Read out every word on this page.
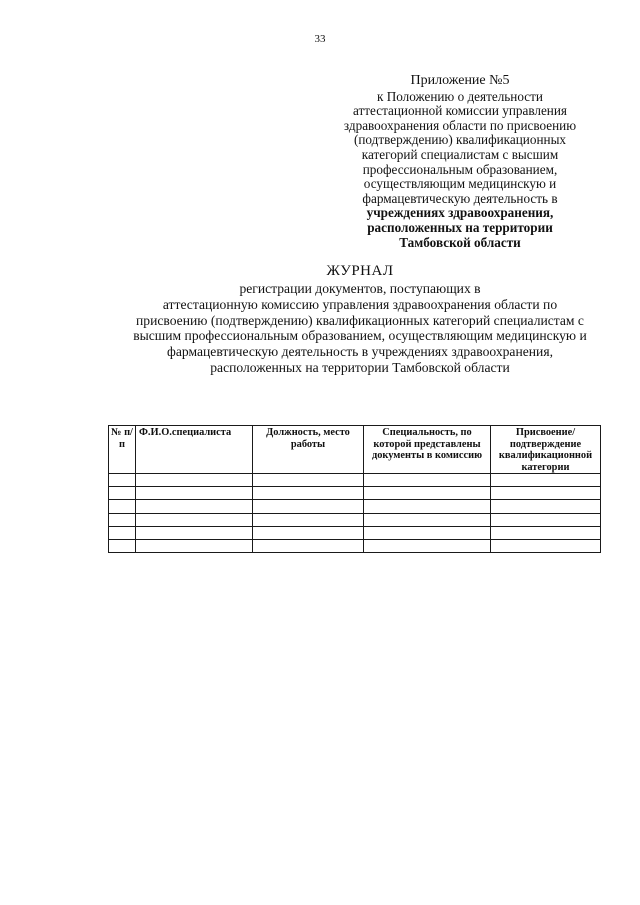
33
Приложение №5
к Положению о деятельности
аттестационной комиссии управления
здравоохранения области по присвоению
(подтверждению) квалификационных
категорий специалистам с высшим
профессиональным образованием,
осуществляющим медицинскую и
фармацевтическую деятельность в
учреждениях здравоохранения,
расположенных на территории
Тамбовской области
ЖУРНАЛ
регистрации документов, поступающих в
аттестационную комиссию управления здравоохранения области по
присвоению (подтверждению) квалификационных категорий специалистам с
высшим профессиональным образованием, осуществляющим медицинскую и
фармацевтическую деятельность в учреждениях здравоохранения,
расположенных на территории Тамбовской области
№ п/п	Ф.И.О.специалиста	Должность, место работы	Специальность, по которой представлены документы в комиссию	Присвоение/ подтверждение квалификационной категории
